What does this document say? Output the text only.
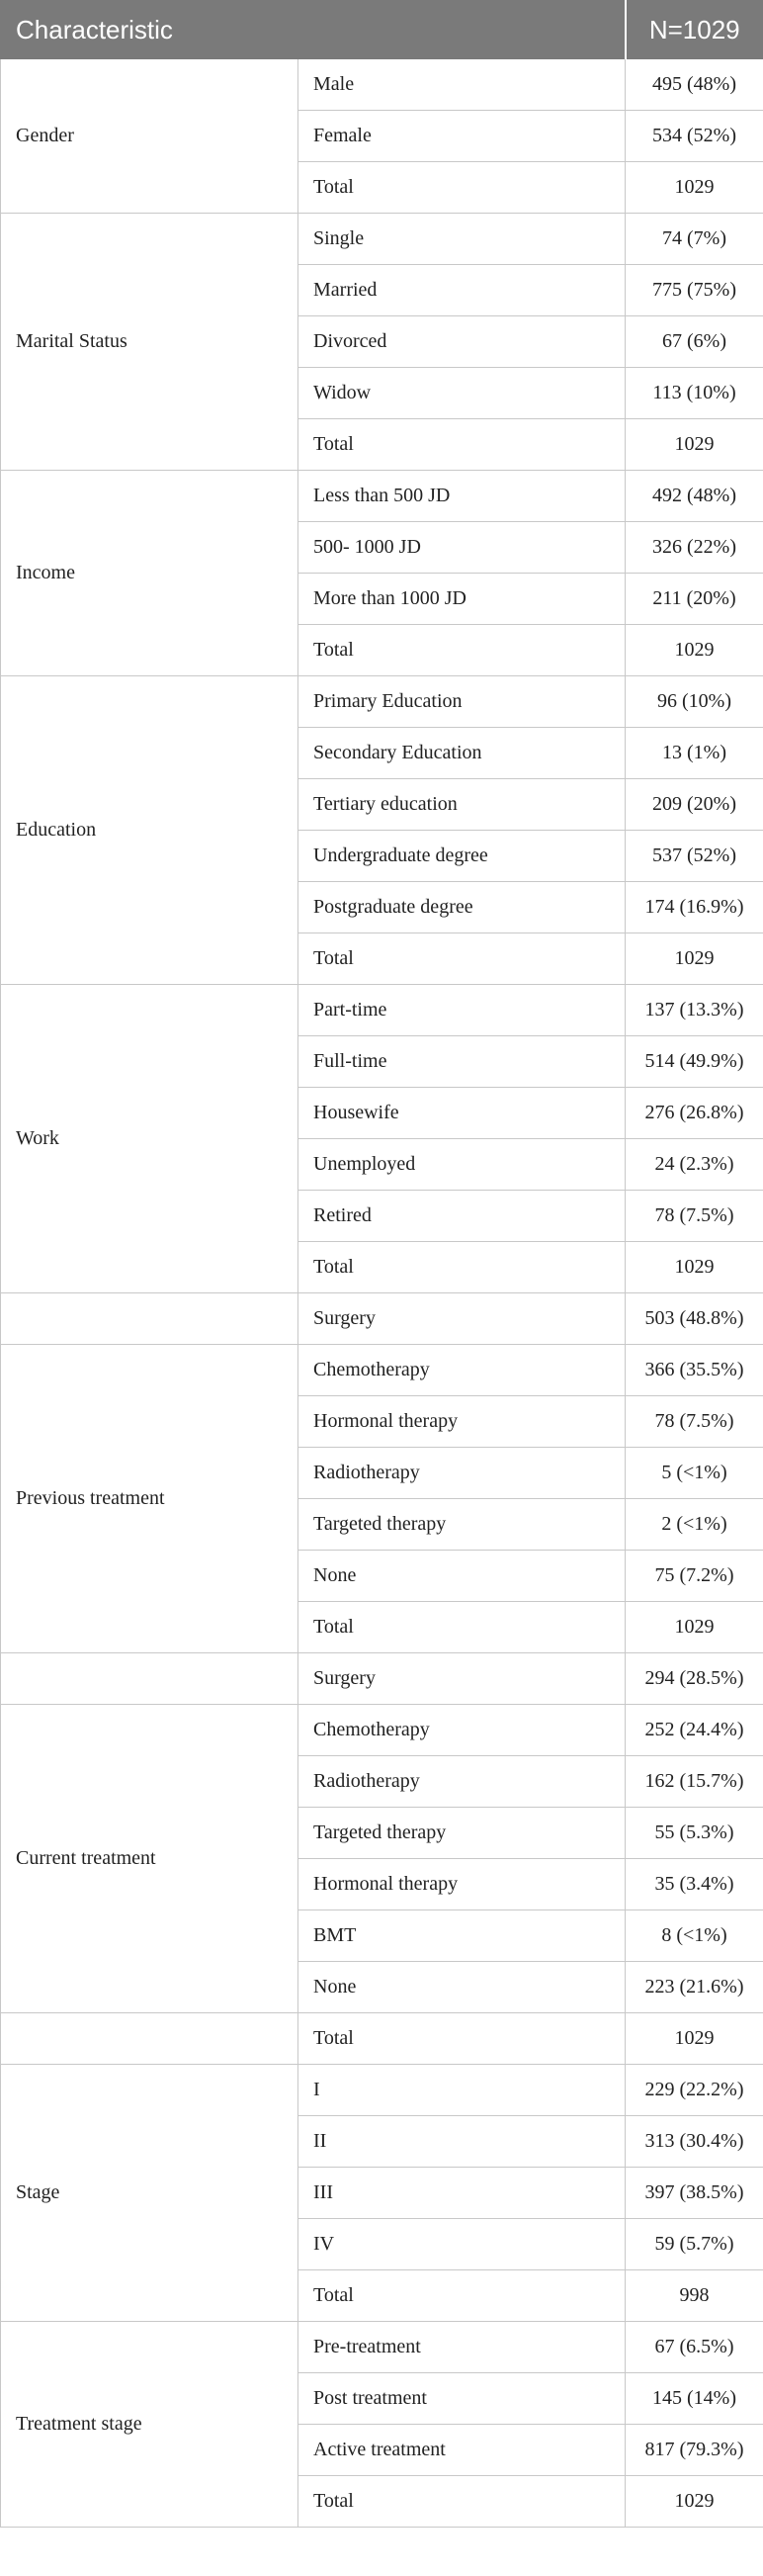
Characteristic		N=1029
Gender	Male	495 (48%)
	Female	534 (52%)
	Total	1029
Marital Status	Single	74 (7%)
	Married	775 (75%)
	Divorced	67 (6%)
	Widow	113 (10%)
	Total	1029
Income	Less than 500 JD	492 (48%)
	500- 1000 JD	326 (22%)
	More than 1000 JD	211 (20%)
	Total	1029
Education	Primary Education	96 (10%)
	Secondary Education	13 (1%)
	Tertiary education	209 (20%)
	Undergraduate degree	537 (52%)
	Postgraduate degree	174 (16.9%)
	Total	1029
Work	Part-time	137 (13.3%)
	Full-time	514 (49.9%)
	Housewife	276 (26.8%)
	Unemployed	24 (2.3%)
	Retired	78 (7.5%)
	Total	1029
	Surgery	503 (48.8%)
Previous treatment	Chemotherapy	366 (35.5%)
	Hormonal therapy	78 (7.5%)
	Radiotherapy	5 (<1%)
	Targeted therapy	2 (<1%)
	None	75 (7.2%)
	Total	1029
	Surgery	294 (28.5%)
Current treatment	Chemotherapy	252 (24.4%)
	Radiotherapy	162 (15.7%)
	Targeted therapy	55 (5.3%)
	Hormonal therapy	35 (3.4%)
	BMT	8 (<1%)
	None	223 (21.6%)
	Total	1029
Stage	I	229 (22.2%)
	II	313 (30.4%)
	III	397 (38.5%)
	IV	59 (5.7%)
	Total	998
Treatment stage	Pre-treatment	67 (6.5%)
	Post treatment	145 (14%)
	Active treatment	817 (79.3%)
	Total	1029
